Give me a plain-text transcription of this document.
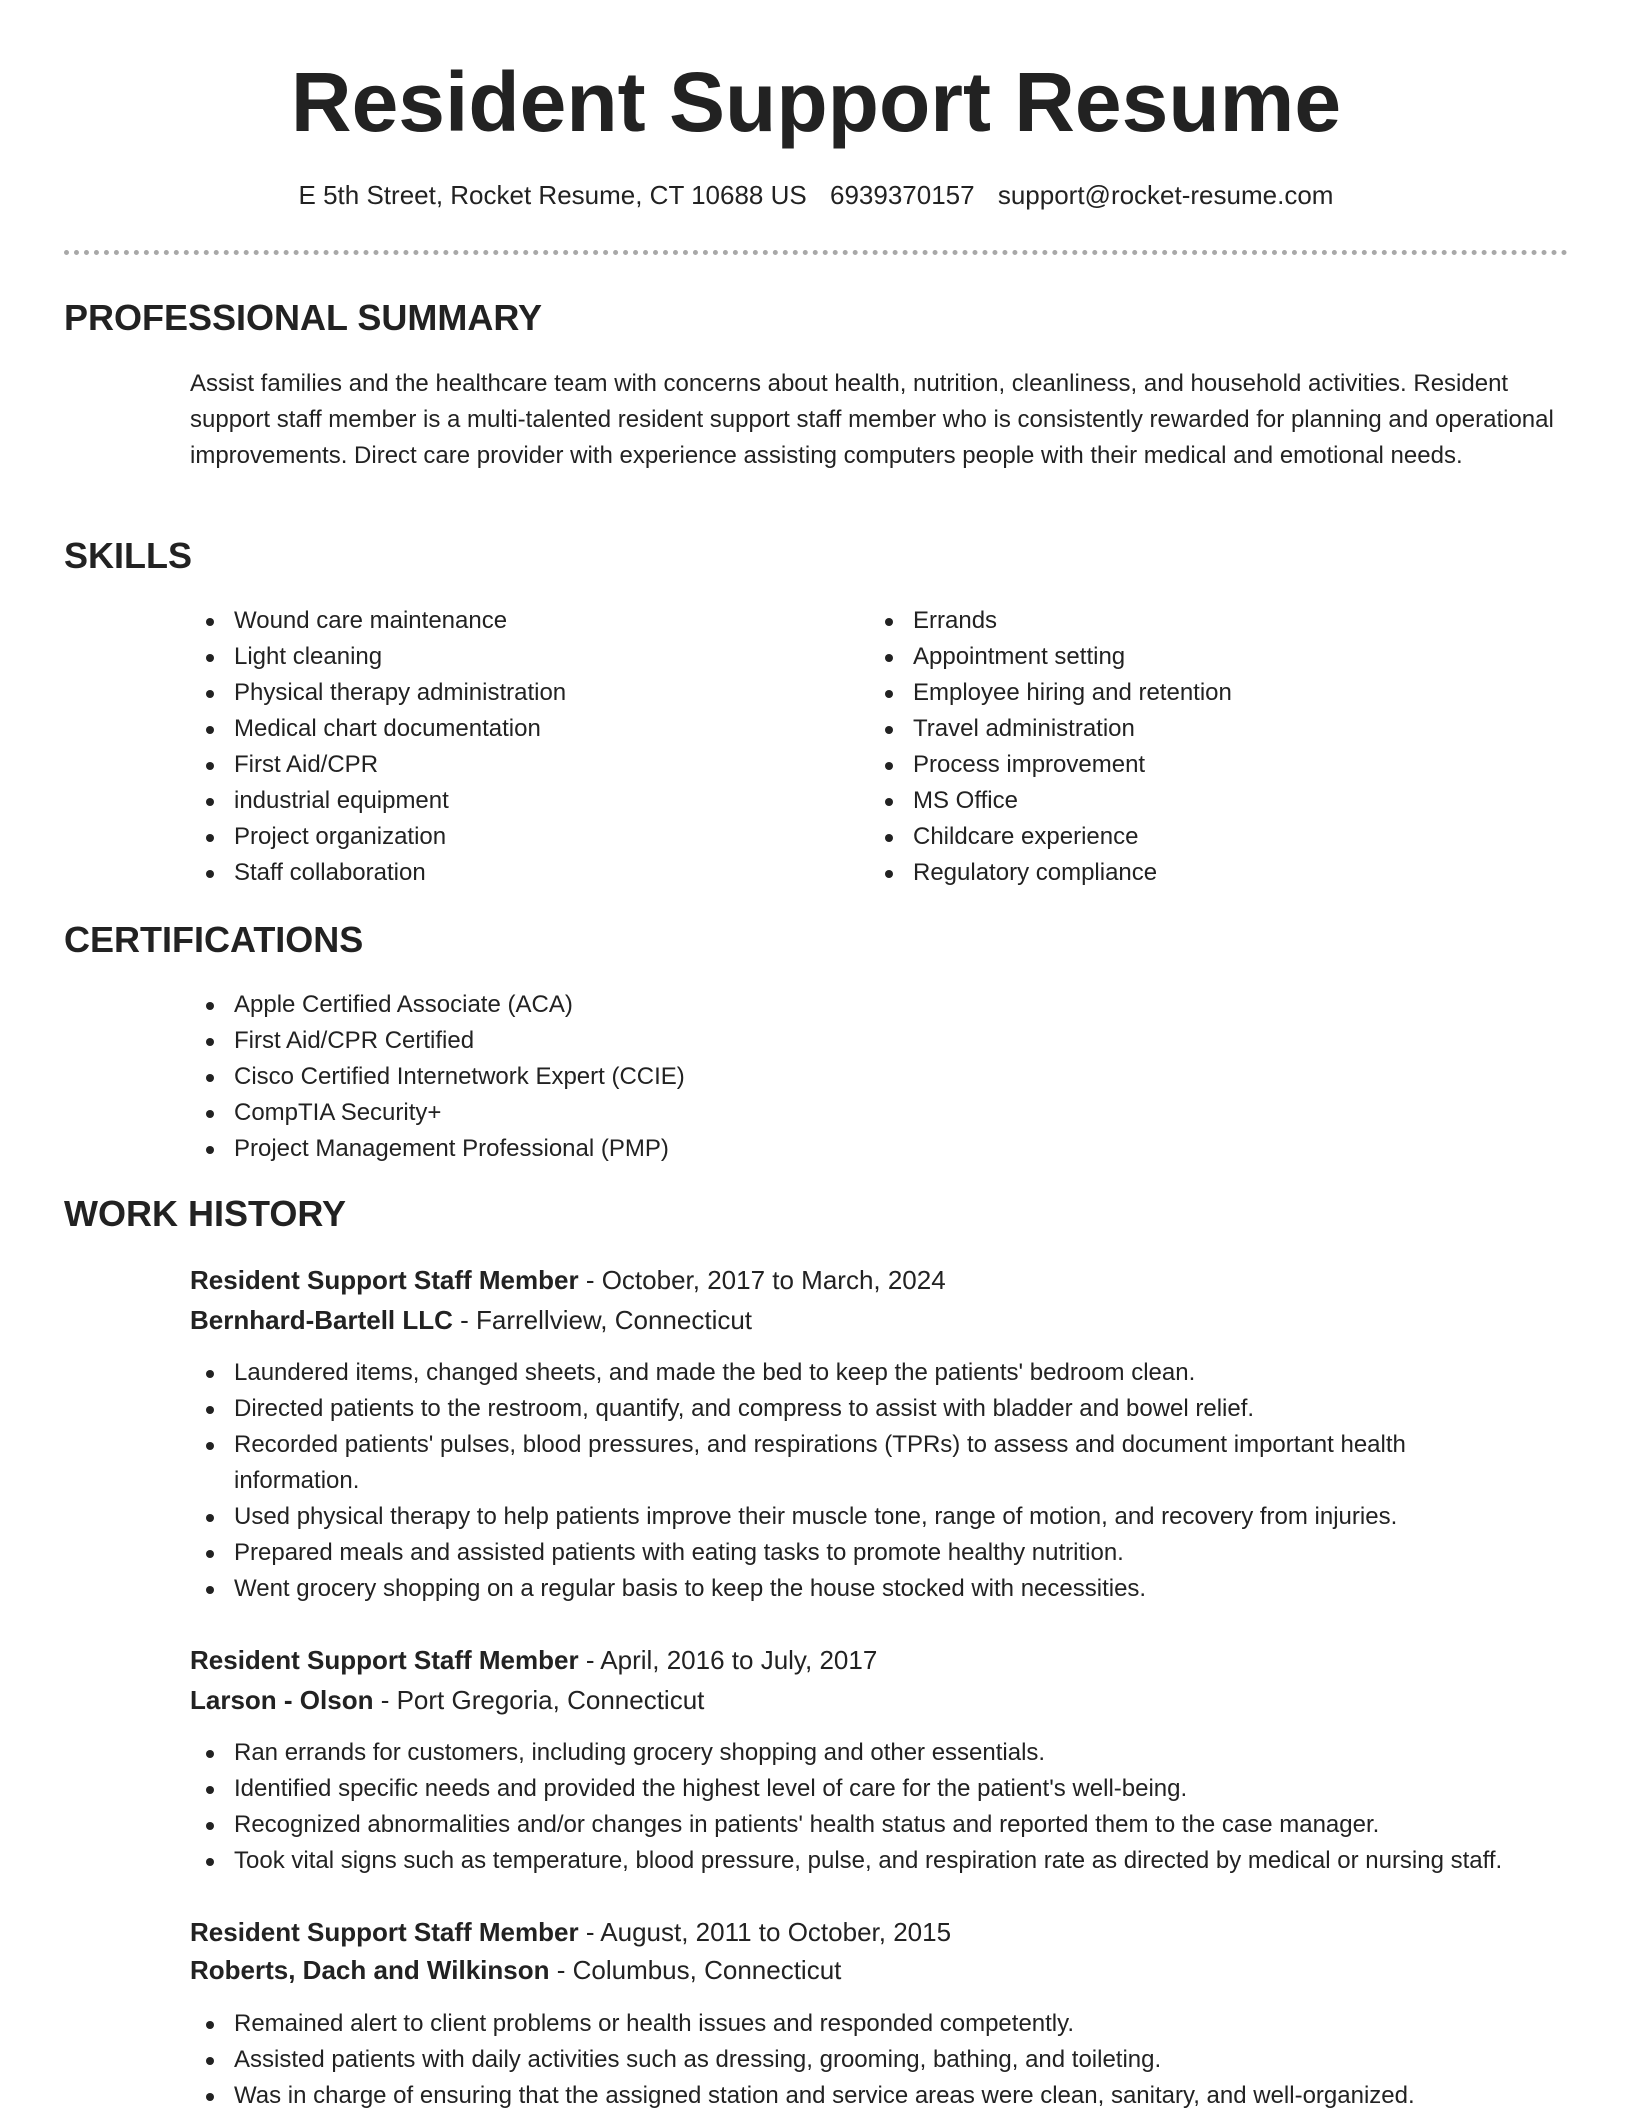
Resident Support Resume
E 5th Street, Rocket Resume, CT 10688 US 6939370157 support@rocket-resume.com
PROFESSIONAL SUMMARY

Assist families and the healthcare team with concerns about health, nutrition, cleanliness, and household activities. Resident support staff member is a multi-talented resident support staff member who is consistently rewarded for planning and operational improvements. Direct care provider with experience assisting computers people with their medical and emotional needs.

SKILLS
Wound care maintenance
Light cleaning
Physical therapy administration
Medical chart documentation
First Aid/CPR
industrial equipment
Project organization
Staff collaboration
Errands
Appointment setting
Employee hiring and retention
Travel administration
Process improvement
MS Office
Childcare experience
Regulatory compliance
CERTIFICATIONS
Apple Certified Associate (ACA)
First Aid/CPR Certified
Cisco Certified Internetwork Expert (CCIE)
CompTIA Security+
Project Management Professional (PMP)
WORK HISTORY
Resident Support Staff Member - October, 2017 to March, 2024
Bernhard-Bartell LLC - Farrellview, Connecticut
Laundered items, changed sheets, and made the bed to keep the patients' bedroom clean.
Directed patients to the restroom, quantify, and compress to assist with bladder and bowel relief.
Recorded patients' pulses, blood pressures, and respirations (TPRs) to assess and document important health information.
Used physical therapy to help patients improve their muscle tone, range of motion, and recovery from injuries.
Prepared meals and assisted patients with eating tasks to promote healthy nutrition.
Went grocery shopping on a regular basis to keep the house stocked with necessities.
Resident Support Staff Member - April, 2016 to July, 2017
Larson - Olson - Port Gregoria, Connecticut
Ran errands for customers, including grocery shopping and other essentials.
Identified specific needs and provided the highest level of care for the patient's well-being.
Recognized abnormalities and/or changes in patients' health status and reported them to the case manager.
Took vital signs such as temperature, blood pressure, pulse, and respiration rate as directed by medical or nursing staff.
Resident Support Staff Member - August, 2011 to October, 2015
Roberts, Dach and Wilkinson - Columbus, Connecticut
Remained alert to client problems or health issues and responded competently.
Assisted patients with daily activities such as dressing, grooming, bathing, and toileting.
Was in charge of ensuring that the assigned station and service areas were clean, sanitary, and well-organized.
